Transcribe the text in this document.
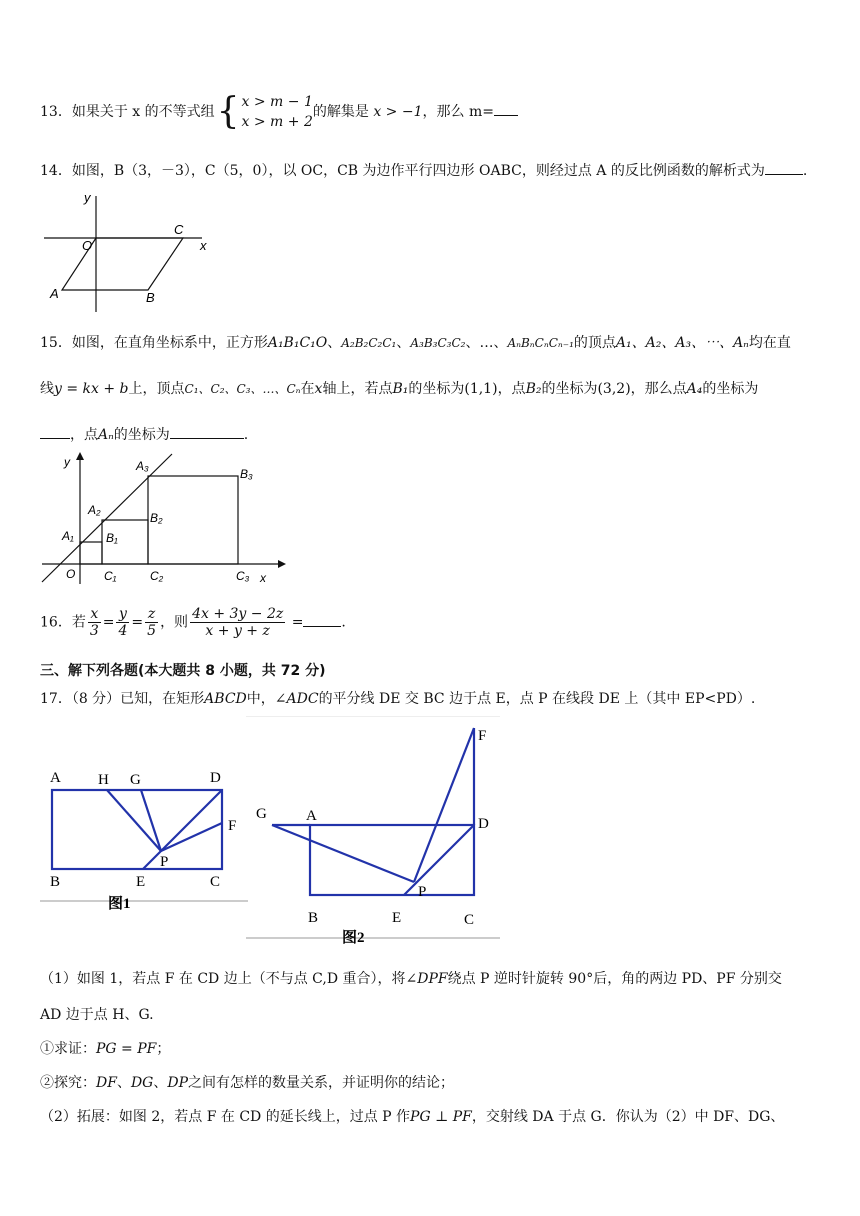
13．如果关于 x 的不等式组{ x > m − 1
x > m + 2
的解集是 x > −1，那么 m=
14．如图，B（3，－3），C（5，0），以 OC，CB 为边作平行四边形 OABC，则经过点 A 的反比例函数的解析式为	.
y
x
O
C
A	B
15．如图，在直角坐标系中，正方形A₁B₁C₁O、A₂B₂C₂C₁、A₃B₃C₃C₂、…、AₙBₙCₙCₙ₋₁的顶点A₁、A₂、A₃、⋯、Aₙ均在直
线y = kx + b上，顶点C₁、C₂、C₃、…、Cₙ在x轴上，若点B₁的坐标为(1,1)，点B₂的坐标为(3,2)，那么点A₄的坐标为
，点Aₙ的坐标为	.
y
x
O
A₁
A₂
A₃
B₁
B₂
B₃
C₁	C₂	C₃
16．若 $\frac{x}{3} = \frac{y}{4} = \frac{z}{5}$ ，则 $\frac{4x + 3y - 2z}{x + y + z}$ =	.
三、解下列各题(本大题共 8 小题，共 72 分)
17．（8 分）已知，在矩形ABCD中，∠ADC的平分线 DE 交 BC 边于点 E，点 P 在线段 DE 上（其中 EP<PD）.
A H G	D
F
P
B	E	C
图1
F
G	A	D
P
B	E	C
图2
（1）如图 1，若点 F 在 CD 边上（不与点 C,D 重合），将∠DPF绕点 P 逆时针旋转 90°后，角的两边 PD、PF 分别交
AD 边于点 H、G.
①求证：PG = PF；
②探究：DF、DG、DP之间有怎样的数量关系，并证明你的结论；
（2）拓展：如图 2，若点 F 在 CD 的延长线上，过点 P 作PG ⊥ PF，交射线 DA 于点 G．你认为（2）中 DF、DG、
